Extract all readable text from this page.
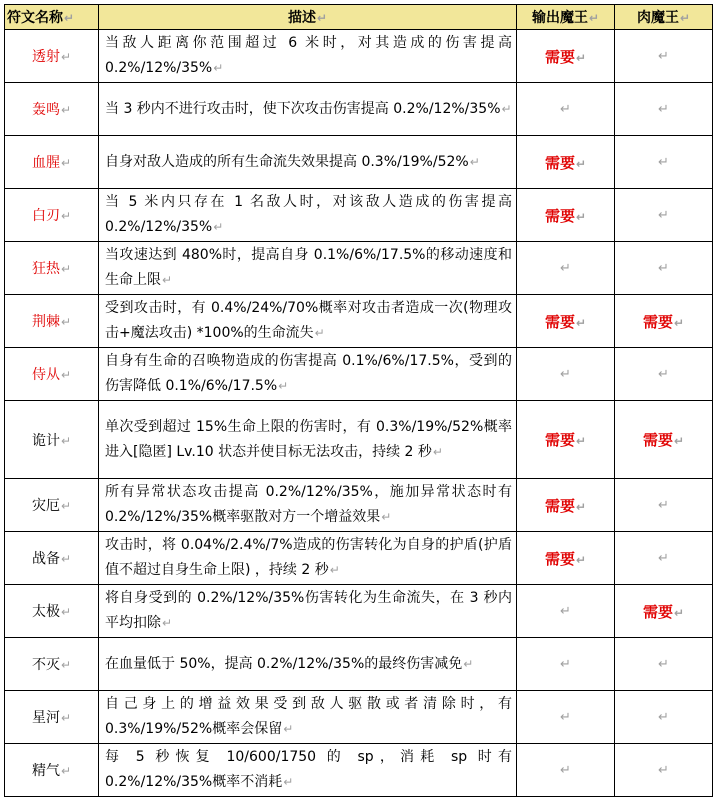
符文名称↵	描述↵	输出魔王↵	肉魔王↵
透射↵	当敌人距离你范围超过 6 米时，对其造成的伤害提高 0.2%/12%/35%↵	需要↵	↵
轰鸣↵	当 3 秒内不进行攻击时，使下次攻击伤害提高 0.2%/12%/35%↵	↵	↵
血腥↵	自身对敌人造成的所有生命流失效果提高 0.3%/19%/52%↵	需要↵	↵
白刃↵	当 5 米内只存在 1 名敌人时，对该敌人造成的伤害提高 0.2%/12%/35%↵	需要↵	↵
狂热↵	当攻速达到 480%时，提高自身 0.1%/6%/17.5%的移动速度和生命上限↵	↵	↵
荆棘↵	受到攻击时，有 0.4%/24%/70%概率对攻击者造成一次(物理攻击+魔法攻击) *100%的生命流失↵	需要↵	需要↵
侍从↵	自身有生命的召唤物造成的伤害提高 0.1%/6%/17.5%，受到的伤害降低 0.1%/6%/17.5%↵	↵	↵
诡计↵	单次受到超过 15%生命上限的伤害时，有 0.3%/19%/52%概率进入[隐匿] Lv.10 状态并使目标无法攻击，持续 2 秒↵	需要↵	需要↵
灾厄↵	所有异常状态攻击提高 0.2%/12%/35%，施加异常状态时有 0.2%/12%/35%概率驱散对方一个增益效果↵	需要↵	↵
战备↵	攻击时，将 0.04%/2.4%/7%造成的伤害转化为自身的护盾(护盾值不超过自身生命上限) ，持续 2 秒↵	需要↵	↵
太极↵	将自身受到的 0.2%/12%/35%伤害转化为生命流失，在 3 秒内平均扣除↵	↵	需要↵
不灭↵	在血量低于 50%，提高 0.2%/12%/35%的最终伤害减免↵	↵	↵
星河↵	自己身上的增益效果受到敌人驱散或者清除时，有 0.3%/19%/52%概率会保留↵	↵	↵
精气↵	每 5 秒恢复 10/600/1750 的 sp，消耗 sp 时有 0.2%/12%/35%概率不消耗↵	↵	↵
